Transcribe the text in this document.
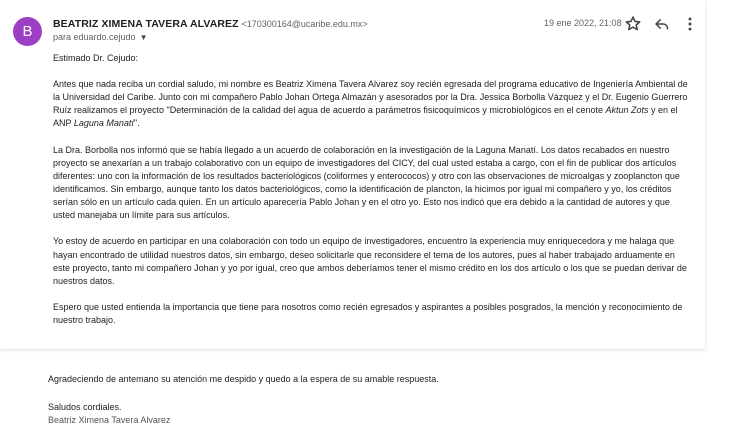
B	BEATRIZ XIMENA TAVERA ALVAREZ <170300164@ucaribe.edu.mx>
para eduardo.cejudo ▼
19 ene 2022, 21:08

Estimado Dr. Cejudo:

Antes que nada reciba un cordial saludo, mi nombre es Beatriz Ximena Tavera Alvarez soy recién egresada del programa educativo de Ingeniería Ambiental de la Universidad del Caribe. Junto con mi compañero Pablo Johan Ortega Almazán y asesorados por la Dra. Jessica Borbolla Vázquez y el Dr. Eugenio Guerrero Ruíz realizamos el proyecto "Determinación de la calidad del agua de acuerdo a parámetros fisicoquímicos y microbiológicos en el cenote Aktun Zots y en el ANP Laguna Manatí".

La Dra. Borbolla nos informó que se había llegado a un acuerdo de colaboración en la investigación de la Laguna Manatí. Los datos recabados en nuestro proyecto se anexarían a un trabajo colaborativo con un equipo de investigadores del CICY, del cual usted estaba a cargo, con el fin de publicar dos artículos diferentes: uno con la información de los resultados bacteriológicos (coliformes y enterococos) y otro con las observaciones de microalgas y zooplancton que identificamos. Sin embargo, aunque tanto los datos bacteriológicos, como la identificación de plancton, la hicimos por igual mi compañero y yo, los créditos serían sólo en un artículo cada quien. En un artículo aparecería Pablo Johan y en el otro yo. Esto nos indicó que era debido a la cantidad de autores y que usted manejaba un límite para sus artículos.

Yo estoy de acuerdo en participar en una colaboración con todo un equipo de investigadores, encuentro la experiencia muy enriquecedora y me halaga que hayan encontrado de utilidad nuestros datos, sin embargo, deseo solicitarle que reconsidere el tema de los autores, pues al haber trabajado arduamente en este proyecto, tanto mi compañero Johan y yo por igual, creo que ambos deberíamos tener el mismo crédito en los dos artículo o los que se puedan derivar de nuestros datos.

Espero que usted entienda la importancia que tiene para nosotros como recién egresados y aspirantes a posibles posgrados, la mención y reconocimiento de nuestro trabajo.

Agradeciendo de antemano su atención me despido y quedo a la espera de su amable respuesta.
Saludos cordiales.
Beatriz Ximena Tavera Alvarez
